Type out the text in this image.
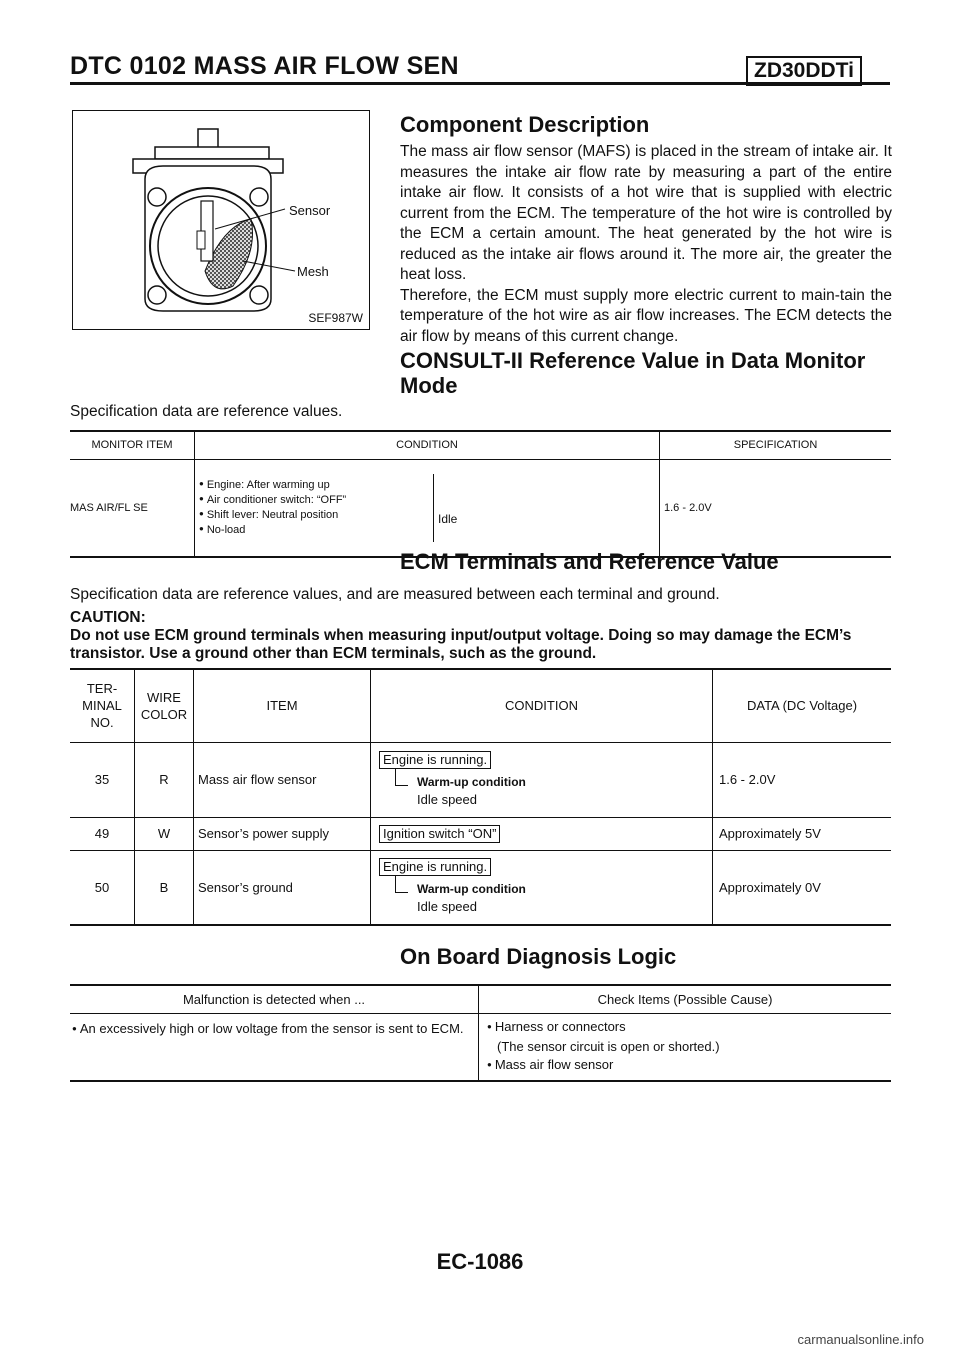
DTC 0102 MASS AIR FLOW SEN	ZD30DDTi
Sensor
Mesh
SEF987W
Component Description

The mass air flow sensor (MAFS) is placed in the stream of intake air. It measures the intake air flow rate by measuring a part of the entire intake air flow. It consists of a hot wire that is supplied with electric current from the ECM. The temperature of the hot wire is controlled by the ECM a certain amount. The heat generated by the hot wire is reduced as the intake air flows around it. The more air, the greater the heat loss.

Therefore, the ECM must supply more electric current to main-tain the temperature of the hot wire as air flow increases. The ECM detects the air flow by means of this current change.

CONSULT-II Reference Value in Data Monitor Mode
Specification data are reference values.
MONITOR ITEM	CONDITION	SPECIFICATION
MAS AIR/FL SE	● Engine: After warming up
● Air conditioner switch: “OFF”
● Shift lever: Neutral position
● No-load
Idle	1.6 - 2.0V
ECM Terminals and Reference Value
Specification data are reference values, and are measured between each terminal and ground.
CAUTION:
Do not use ECM ground terminals when measuring input/output voltage. Doing so may damage the ECM’s transistor. Use a ground other than ECM terminals, such as the ground.
TER-
MINAL
NO.	WIRE
COLOR	ITEM	CONDITION	DATA (DC Voltage)
35	R	Mass air flow sensor	Engine is running.
Warm-up condition
Idle speed	1.6 - 2.0V
49	W	Sensor’s power supply	Ignition switch “ON”	Approximately 5V
50	B	Sensor’s ground	Engine is running.
Warm-up condition
Idle speed	Approximately 0V
On Board Diagnosis Logic
Malfunction is detected when ...	Check Items (Possible Cause)

● An excessively high or low voltage from the sensor is sent to ECM.	● Harness or connectors
(The sensor circuit is open or shorted.)
● Mass air flow sensor
EC-1086
carmanualsonline.info
